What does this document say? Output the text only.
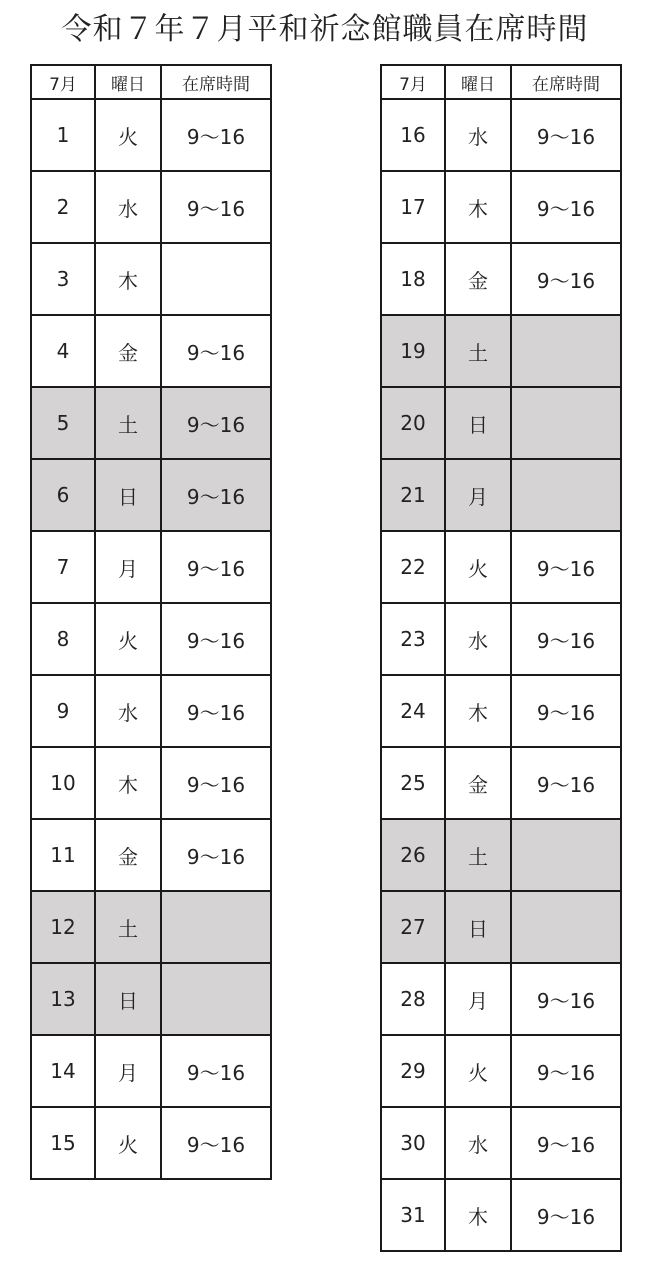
令和７年７月平和祈念館職員在席時間
7月	曜日	在席時間
1	火	9～16
2	水	9～16
3	木	
4	金	9～16
5	土	9～16
6	日	9～16
7	月	9～16
8	火	9～16
9	水	9～16
10	木	9～16
11	金	9～16
12	土	
13	日	
14	月	9～16
15	火	9～16
7月	曜日	在席時間
16	水	9～16
17	木	9～16
18	金	9～16
19	土	
20	日	
21	月	
22	火	9～16
23	水	9～16
24	木	9～16
25	金	9～16
26	土	
27	日	
28	月	9～16
29	火	9～16
30	水	9～16
31	木	9～16
